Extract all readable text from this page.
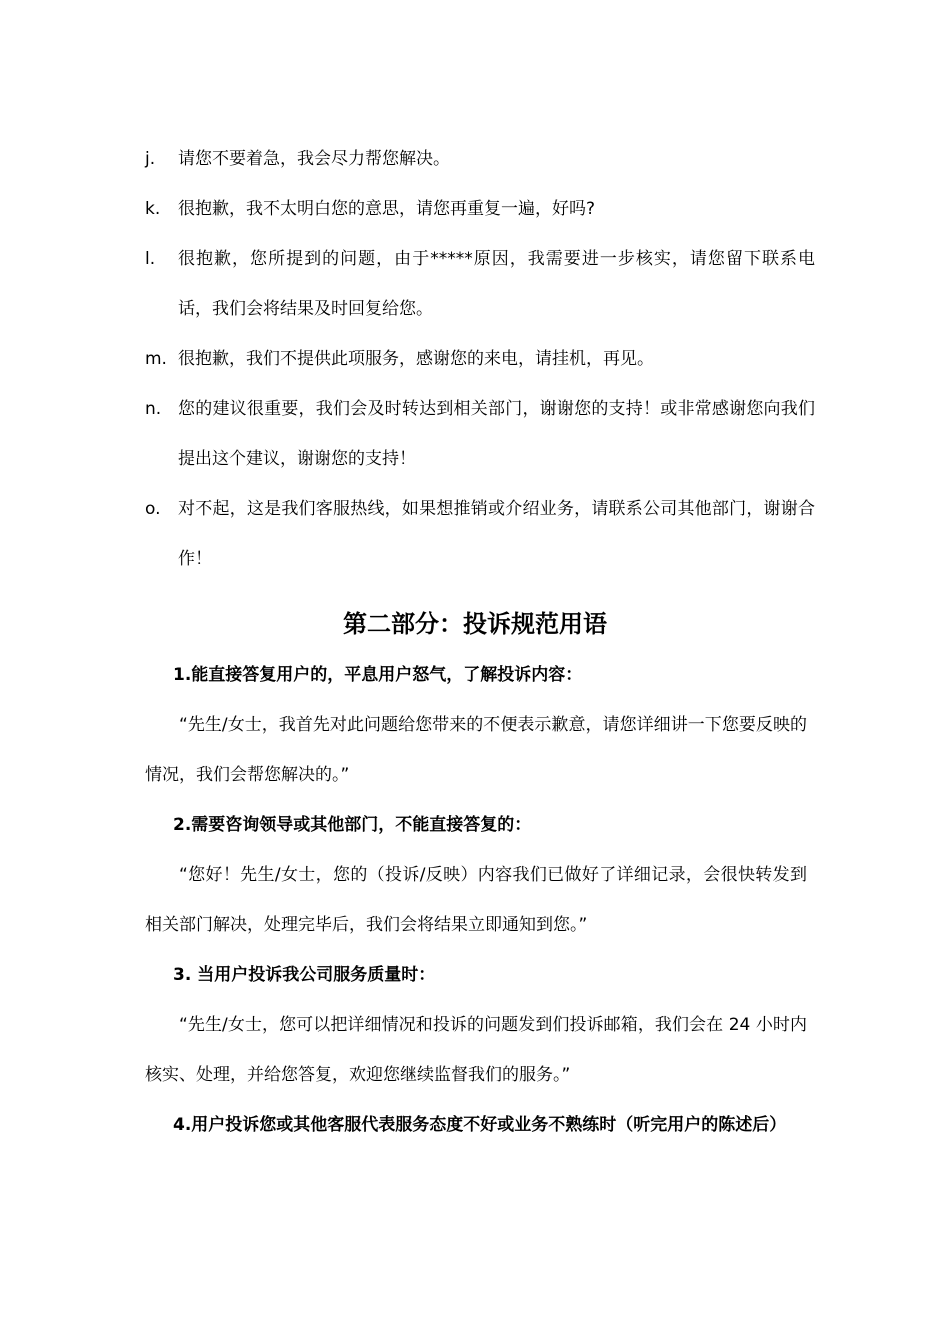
j.	请您不要着急，我会尽力帮您解决。
k.	很抱歉，我不太明白您的意思，请您再重复一遍，好吗?
l.	很抱歉，您所提到的问题，由于*****原因，我需要进一步核实，请您留下联系电话，我们会将结果及时回复给您。
m. 很抱歉，我们不提供此项服务，感谢您的来电，请挂机，再见。
n. 您的建议很重要，我们会及时转达到相关部门，谢谢您的支持！或非常感谢您向我们提出这个建议，谢谢您的支持！
o.	对不起，这是我们客服热线，如果想推销或介绍业务，请联系公司其他部门，谢谢合作！
第二部分：投诉规范用语
1.能直接答复用户的，平息用户怒气，了解投诉内容：
“先生/女士，我首先对此问题给您带来的不便表示歉意，请您详细讲一下您要反映的情况，我们会帮您解决的。”
2.需要咨询领导或其他部门，不能直接答复的：
“您好！先生/女士，您的（投诉/反映）内容我们已做好了详细记录，会很快转发到相关部门解决，处理完毕后，我们会将结果立即通知到您。”
3. 当用户投诉我公司服务质量时：
“先生/女士，您可以把详细情况和投诉的问题发到们投诉邮箱，我们会在 24 小时内核实、处理，并给您答复，欢迎您继续监督我们的服务。”
4.用户投诉您或其他客服代表服务态度不好或业务不熟练时（听完用户的陈述后）
